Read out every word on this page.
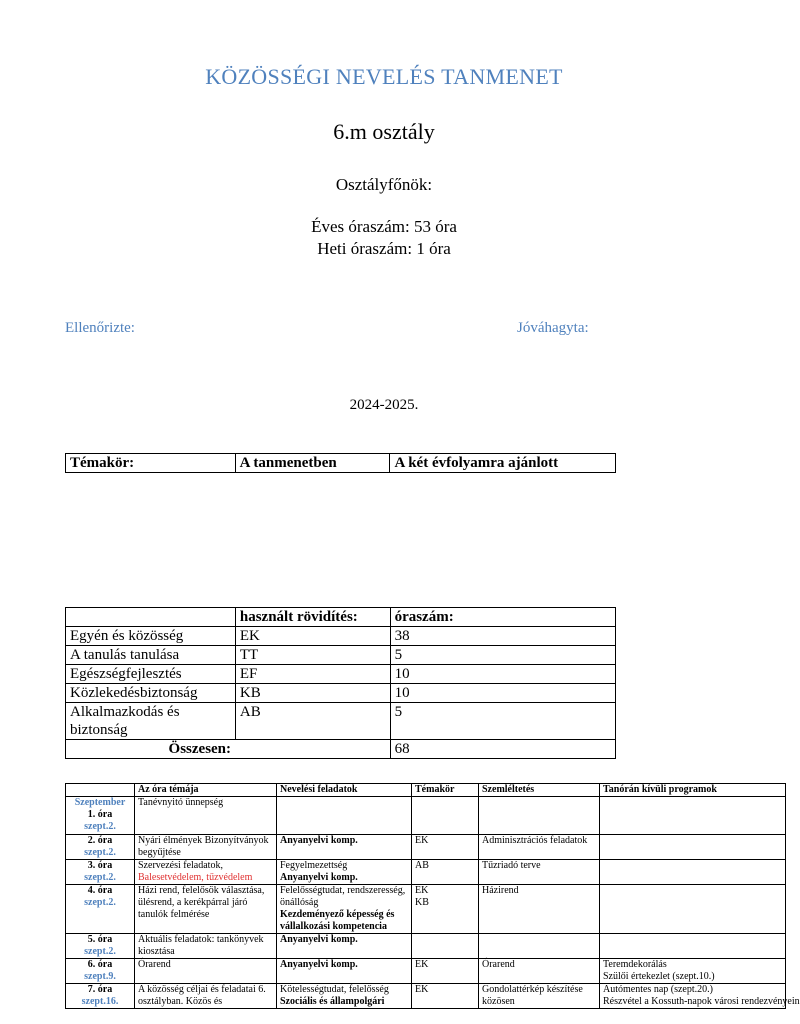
KÖZÖSSÉGI NEVELÉS TANMENET
6.m osztály
Osztályfőnök:
Éves óraszám: 53 óra
Heti óraszám: 1 óra
Ellenőrizte:	Jóváhagyta:
2024-2025.
Témakör:	A tanmenetben	A két évfolyamra ajánlott
	használt rövidítés:	óraszám:
Egyén és közösség	EK	38
A tanulás tanulása	TT	5
Egészségfejlesztés	EF	10
Közlekedésbiztonság	KB	10
Alkalmazkodás és biztonság	AB	5
Összesen:		68
	Az óra témája	Nevelési feladatok	Témakör	Szemléltetés	Tanórán kívüli programok

Szeptember
1. óra
szept.2.	Tanévnyitó ünnepség				

2. óra
szept.2.	Nyári élmények Bizonyítványok begyűjtése	Anyanyelvi komp.	EK	Adminisztrációs feladatok	

3. óra
szept.2.	Szervezési feladatok,
Balesetvédelem, tűzvédelem	Fegyelmezettség
Anyanyelvi komp.	AB	Tűzriadó terve	

4. óra
szept.2.	Házi rend, felelősök választása, ülésrend, a kerékpárral járó tanulók felmérése	Felelősségtudat, rendszeresség, önállóság
Kezdeményező képesség és vállalkozási kompetencia	EK
KB	Házirend	

5. óra
szept.2.	Aktuális feladatok: tankönyvek kiosztása	Anyanyelvi komp.			

6. óra
szept.9.	Órarend	Anyanyelvi komp.	EK	Órarend	Teremdekorálás
Szülői értekezlet (szept.10.)

7. óra
szept.16.	A közösség céljai és feladatai 6. osztályban. Közös és	Kötelességtudat, felelősség
Szociális és állampolgári	EK	Gondolattérkép készítése közösen	Autómentes nap (szept.20.)
Részvétel a Kossuth-napok városi rendezvényein
